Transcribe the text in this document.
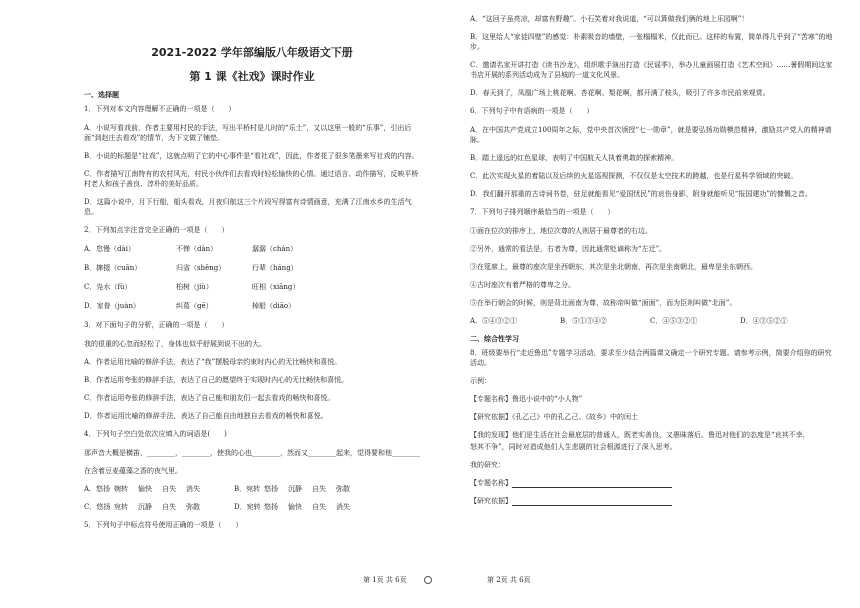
2021-2022 学年部编版八年级语文下册
第 1 课《社戏》课时作业
一、选择题
1．下列对本文内容理解不正确的一项是（　　）
A．小说写看戏前，作者主要用村民的手法，写出平桥村是儿时的“乐土”，又以这里一般的“乐事”，引出后面“到赵庄去看戏”的情节，为下文做了铺垫。
B．小说的标题是“社戏”，这就点明了它的中心事件是“看社戏”，因此，作者花了很多笔墨来写社戏的内容。
C．作者描写江南特有的农村风光，村民小伙伴们去看戏时轻松愉快的心情。通过语言、动作描写，反映平桥村老人和孩子善良、淳朴的美好品质。
D．这篇小说中，月下行船，船头看戏，月夜归航这三个片段写得富有诗情画意，充满了江南水乡的生活气息。
2．下列加点字注音完全正确的一项是（　　）
A．怠慢（dài）	不惮（dàn）	潺潺（chán）
B．撺掇（cuān）	归省（shěng）	行辈（háng）
C．凫水（fù）	桕树（jiù）	旺相（xiāng）
D．家眷（juàn）	纠葛（gē）	棹船（diāo）
3．对下面句子的分析，正确的一项是（　　）
我的很重的心忽而轻松了，身体也似乎舒展到说不出的大。
A．作者运用比喻的修辞手法，表达了“我”摆脱母亲约束时内心的无比畅快和喜悦。
B．作者运用夸张的修辞手法，表达了自己的愿望终于实现时内心的无比畅快和喜悦。
C．作者运用夸张的修辞手法，表达了自己能和朋友们一起去看戏的畅快和喜悦。
D．作者运用比喻的修辞手法，表达了自己能自由地独自去看戏的畅快和喜悦。
4．下列句子空白处依次应填入的词语是(　　)
那声音大概是横笛，________，________，使我的心也________，然而又________起来，觉得要和他________
在含着豆麦蕴藻之香的夜气里。
A．悠扬 婉转	愉快	自失	消失	B．宛转 悠扬	沉静	自失	弥散
C．悠扬 宛转	沉静	自失	弥散	D．宛转 悠扬	愉快	自失	消失
5．下列句子中标点符号使用正确的一项是（　　）
A．“这回子虽亮凉，却富有野趣”。小石笑着对我说道，“可以算做我们俩的地上乐园啊”！
B．这里给人“家徒四壁”的感觉：朴素吸音的墙壁，一张榻榻米，仅此而已。这样的布置，简单得几乎到了“苦寒”的地步。
C．邀请名家开讲打造《读书沙龙》，组织歌手演出打造《民谣季》，举办儿童画展打造《艺术空间》……暑假期间这家书店开展的系列活动成为了县城的一道文化风景。
D．春天到了，凤凰广场上桃花啊、杏花啊、梨花啊，都开满了枝头，吸引了许多市民前来观赏。
6．下列句子中有语病的一项是（　　）
A．在中国共产党成立100周年之际，党中央首次颁授“七一勋章”，就是要弘扬功勋模范精神，激励共产党人的精神谱脉。
B．踏上遥远的红色星球，表明了中国航天人执着勇敢的探索精神。
C．此次实现火星的着陆以及后续的火星巡视探测，不仅仅是太空技术的跨越，也是行星科学领域的突破。
D．我们翻开那重的古诗词书卷，驻足就能看见“爱国忧民”的哀伤身影，附身就能听见“报国建功”的慷慨之音。
7．下列句子排列顺序最恰当的一项是（　　）
①面在位次的排序上，地位次尊的人则居于最尊者的右边。
②另外，通常的看法是，右者为尊，因此通常贬谪称为“左迁”。
③在筵席上，最尊的座次是坐西朝东，其次是坐北朝南，再次是坐南朝北，最卑是坐东朝西。
④古时座次有着严格的尊卑之分。
⑤在举行朝会的时候，则是背北面南为尊，故称帝叫做“面面”，而为臣则叫做“北面”。
A．⑤④③②①	B．⑤①③④②	C．④⑤③②①	D．④③⑤②①
二、综合性学习
8．班级要举行“走近鲁迅”专题学习活动，要求至少结合两篇课文确定一个研究专题。请参考示例，简要介绍你的研究活动。
示例：
【专题名称】鲁迅小说中的“小人物”
【研究依据】《孔乙己》中的孔乙己、《故乡》中的闰土
【我的发现】他们是生活在社会最底层的普通人，既老实善良，又愚昧落后。鲁迅对他们的态度是“哀其不幸，
怒其不争”，同时对造成他们人生悲剧的社会根源进行了深入思考。
我的研究：
【专题名称】
【研究依据】
第 1页 共 6页	第 2页 共 6页
